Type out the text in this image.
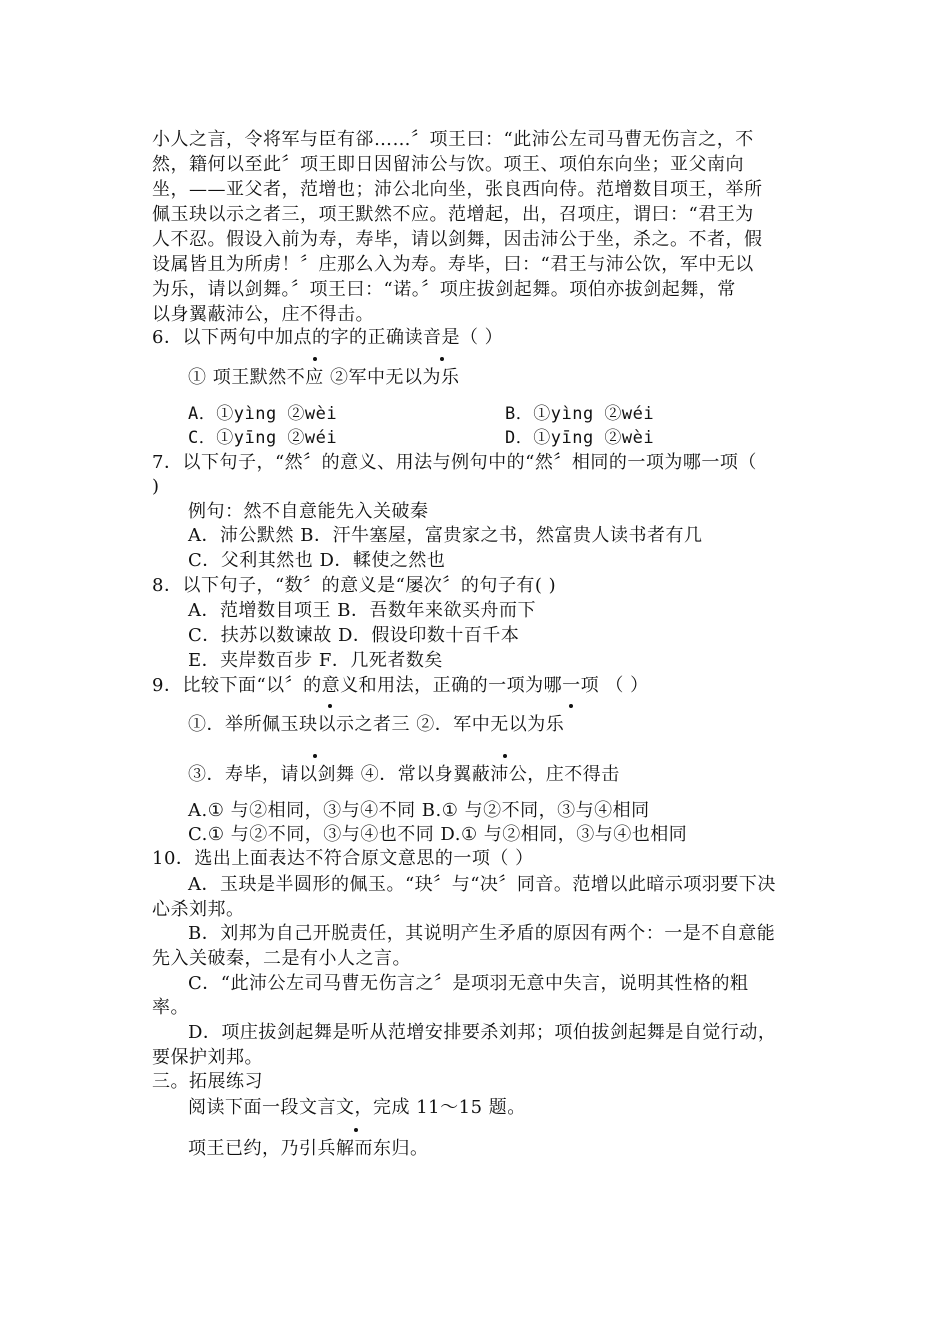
小人之言，令将军与臣有郤……〞项王曰：“此沛公左司马曹无伤言之，不
然，籍何以至此〞项王即日因留沛公与饮。项王、项伯东向坐；亚父南向
坐，——亚父者，范增也；沛公北向坐，张良西向侍。范增数目项王，举所
佩玉玦以示之者三，项王默然不应。范增起，出，召项庄，谓曰：“君王为
人不忍。假设入前为寿，寿毕，请以剑舞，因击沛公于坐，杀之。不者，假
设属皆且为所虏！〞庄那么入为寿。寿毕，曰：“君王与沛公饮，军中无以
为乐，请以剑舞。〞项王曰：“诺。〞项庄拔剑起舞。项伯亦拔剑起舞，常
以身翼蔽沛公，庄不得击。
6．以下两句中加点的字的正确读音是（ ）
① 项王默然不应 ②军中无以为乐
A．①yìng ②wèi	B．①yìng ②wéi
C．①yīng ②wéi	D．①yīng ②wèi
7．以下句子，“然〞的意义、用法与例句中的“然〞相同的一项为哪一项（
)
例句：然不自意能先入关破秦
A．沛公默然 B．汗牛塞屋，富贵家之书，然富贵人读书者有几
C．父利其然也 D．輮使之然也
8．以下句子，“数〞的意义是“屡次〞的句子有( )
A．范增数目项王 B．吾数年来欲买舟而下
C．扶苏以数谏故 D．假设印数十百千本
E．夹岸数百步 F．几死者数矣
9．比较下面“以〞的意义和用法，正确的一项为哪一项 （ ）
①．举所佩玉玦以示之者三 ②．军中无以为乐
③．寿毕，请以剑舞 ④．常以身翼蔽沛公，庄不得击
A.① 与②相同，③与④不同 B.① 与②不同，③与④相同
C.① 与②不同，③与④也不同 D.① 与②相同，③与④也相同
10．选出上面表达不符合原文意思的一项（ ）
A．玉玦是半圆形的佩玉。“玦〞与“决〞同音。范增以此暗示项羽要下决
心杀刘邦。
B．刘邦为自己开脱责任，其说明产生矛盾的原因有两个：一是不自意能
先入关破秦，二是有小人之言。
C．“此沛公左司马曹无伤言之〞是项羽无意中失言，说明其性格的粗
率。
D．项庄拔剑起舞是听从范增安排要杀刘邦；项伯拔剑起舞是自觉行动，
要保护刘邦。
三。拓展练习
阅读下面一段文言文，完成 11～15 题。
项王已约，乃引兵解而东归。
